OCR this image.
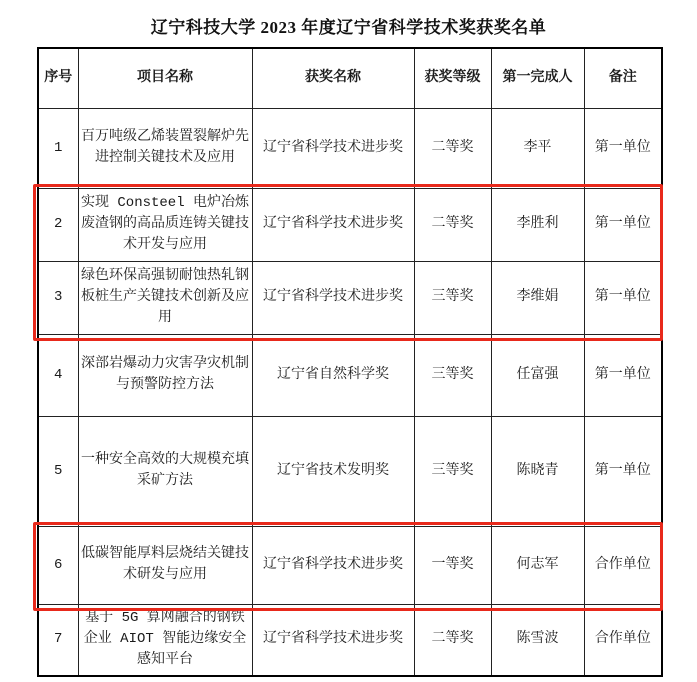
辽宁科技大学 2023 年度辽宁省科学技术奖获奖名单
序号	项目名称	获奖名称	获奖等级	第一完成人	备注
1	百万吨级乙烯装置裂解炉先进控制关键技术及应用	辽宁省科学技术进步奖	二等奖	李平	第一单位
2	实现 Consteel 电炉冶炼废渣钢的高品质连铸关键技术开发与应用	辽宁省科学技术进步奖	二等奖	李胜利	第一单位
3	绿色环保高强韧耐蚀热轧钢板桩生产关键技术创新及应用	辽宁省科学技术进步奖	三等奖	李维娟	第一单位
4	深部岩爆动力灾害孕灾机制与预警防控方法	辽宁省自然科学奖	三等奖	任富强	第一单位
5	一种安全高效的大规模充填采矿方法	辽宁省技术发明奖	三等奖	陈晓青	第一单位
6	低碳智能厚料层烧结关键技术研发与应用	辽宁省科学技术进步奖	一等奖	何志军	合作单位
7	基于 5G 算网融合的钢铁企业 AIOT 智能边缘安全感知平台	辽宁省科学技术进步奖	二等奖	陈雪波	合作单位
